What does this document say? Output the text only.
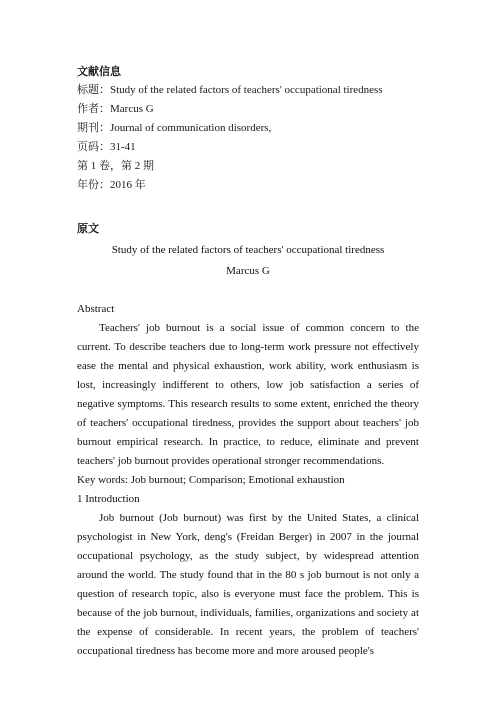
文献信息
标题：Study of the related factors of teachers' occupational tiredness
作者：Marcus G
期刊：Journal of communication disorders,
页码：31-41
第 1 卷，第 2 期
年份：2016 年
原文
Study of the related factors of teachers' occupational tiredness
Marcus G

Abstract

Teachers' job burnout is a social issue of common concern to the current. To describe teachers due to long-term work pressure not effectively ease the mental and physical exhaustion, work ability, work enthusiasm is lost, increasingly indifferent to others, low job satisfaction a series of negative symptoms. This research results to some extent, enriched the theory of teachers' occupational tiredness, provides the support about teachers' job burnout empirical research. In practice, to reduce, eliminate and prevent teachers' job burnout provides operational stronger recommendations.

Key words: Job burnout; Comparison; Emotional exhaustion

1 Introduction

Job burnout (Job burnout) was first by the United States, a clinical psychologist in New York, deng's (Freidan Berger) in 2007 in the journal occupational psychology, as the study subject, by widespread attention around the world. The study found that in the 80 s job burnout is not only a question of research topic, also is everyone must face the problem. This is because of the job burnout, individuals, families, organizations and society at the expense of considerable. In recent years, the problem of teachers' occupational tiredness has become more and more aroused people's
